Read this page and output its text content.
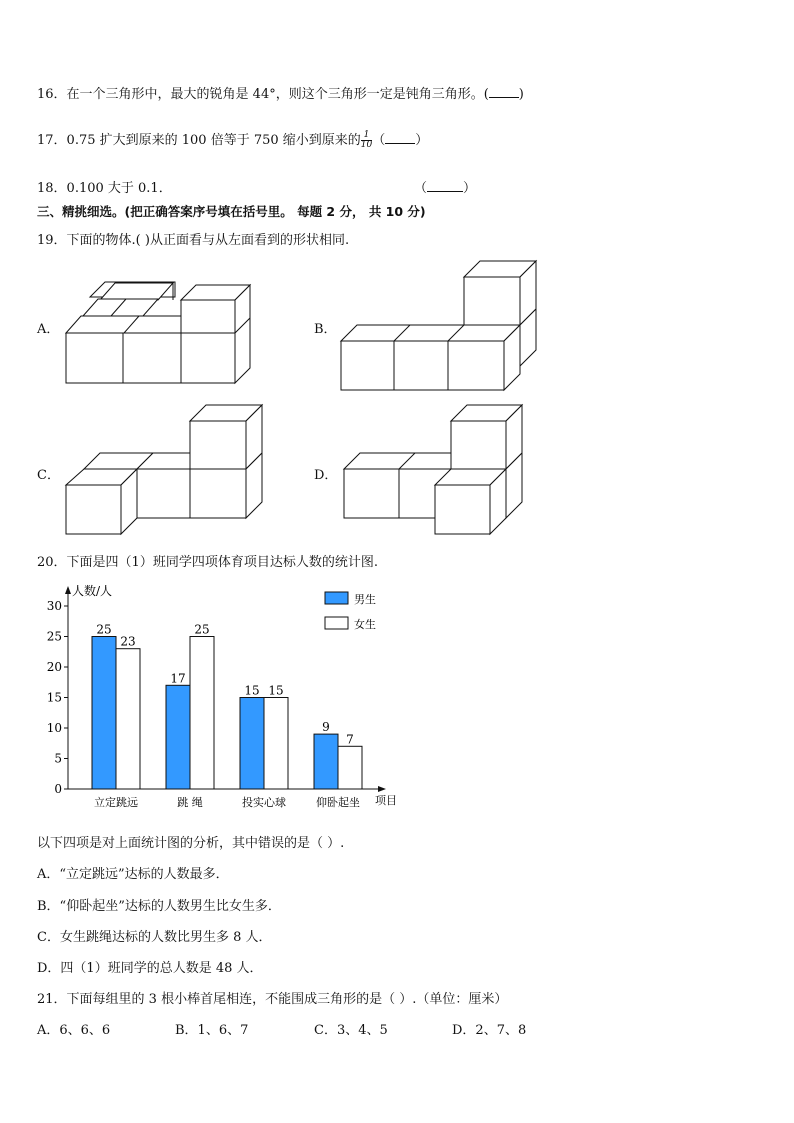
16．在一个三角形中，最大的锐角是 44°，则这个三角形一定是钝角三角形。( )
17．0.75 扩大到原来的 100 倍等于 750 缩小到原来的 $\frac{1}{10}$ （ ）
18．0.100 大于 0.1．	（	）
三、精挑细选。(把正确答案序号填在括号里。 每题 2 分， 共 10 分)
19．下面的物体.( )从正面看与从左面看到的形状相同.
A．	B．
C．	D．
20．下面是四（1）班同学四项体育项目达标人数的统计图.
0
5
10
15
20
25
30
25
23
立定跳远
17
25
跳 绳
15 15
投实心球
9
7
仰卧起坐
人数/人
项目
男生
女生
以下四项是对上面统计图的分析，其中错误的是（ ）.
A．“立定跳远”达标的人数最多．
B．“仰卧起坐”达标的人数男生比女生多．
C．女生跳绳达标的人数比男生多 8 人．
D．四（1）班同学的总人数是 48 人．
21．下面每组里的 3 根小棒首尾相连，不能围成三角形的是（ ）.（单位：厘米）
A．6、6、6	B．1、6、7	C．3、4、5	D．2、7、8
